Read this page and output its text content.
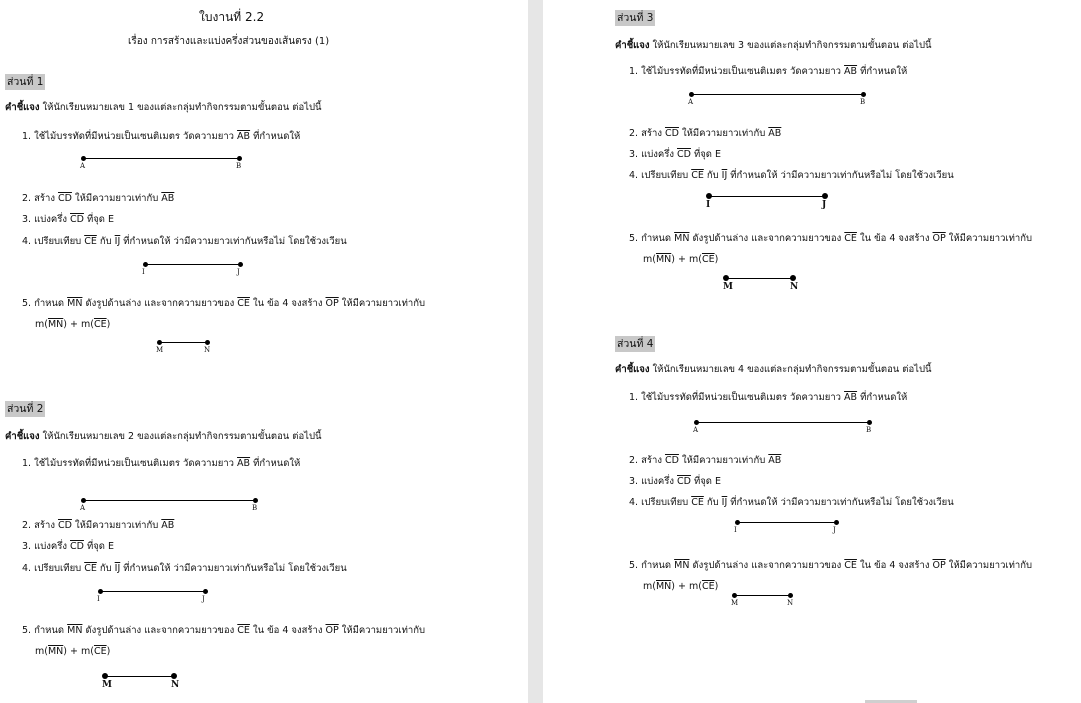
ใบงานที่ 2.2
เรื่อง การสร้างและแบ่งครึ่งส่วนของเส้นตรง (1)
ส่วนที่ 1
คำชี้แจง ให้นักเรียนหมายเลข 1 ของแต่ละกลุ่มทำกิจกรรมตามขั้นตอน ต่อไปนี้
1. ใช้ไม้บรรทัดที่มีหน่วยเป็นเซนติเมตร วัดความยาว $\overline{AB}$ ที่กำหนดให้
A	B
2. สร้าง $\overline{CD}$ ให้มีความยาวเท่ากับ $\overline{AB}$
3. แบ่งครึ่ง $\overline{CD}$ ที่จุด E
4. เปรียบเทียบ $\overline{CE}$ กับ $\overline{IJ}$ ที่กำหนดให้ ว่ามีความยาวเท่ากันหรือไม่ โดยใช้วงเวียน
I	J
5. กำหนด $\overline{MN}$ ดังรูปด้านล่าง และจากความยาวของ $\overline{CE}$ ใน ข้อ 4 จงสร้าง $\overline{OP}$ ให้มีความยาวเท่ากับ
$m(\overline{MN}) + m(\overline{CE})$
M	N
ส่วนที่ 2
คำชี้แจง ให้นักเรียนหมายเลข 2 ของแต่ละกลุ่มทำกิจกรรมตามขั้นตอน ต่อไปนี้
1. ใช้ไม้บรรทัดที่มีหน่วยเป็นเซนติเมตร วัดความยาว $\overline{AB}$ ที่กำหนดให้
A	B
2. สร้าง $\overline{CD}$ ให้มีความยาวเท่ากับ $\overline{AB}$
3. แบ่งครึ่ง $\overline{CD}$ ที่จุด E
4. เปรียบเทียบ $\overline{CE}$ กับ $\overline{IJ}$ ที่กำหนดให้ ว่ามีความยาวเท่ากันหรือไม่ โดยใช้วงเวียน
I	J
5. กำหนด $\overline{MN}$ ดังรูปด้านล่าง และจากความยาวของ $\overline{CE}$ ใน ข้อ 4 จงสร้าง $\overline{OP}$ ให้มีความยาวเท่ากับ
$m(\overline{MN}) + m(\overline{CE})$
M	N
ส่วนที่ 3
คำชี้แจง ให้นักเรียนหมายเลข 3 ของแต่ละกลุ่มทำกิจกรรมตามขั้นตอน ต่อไปนี้
1. ใช้ไม้บรรทัดที่มีหน่วยเป็นเซนติเมตร วัดความยาว $\overline{AB}$ ที่กำหนดให้
A	B
2. สร้าง $\overline{CD}$ ให้มีความยาวเท่ากับ $\overline{AB}$
3. แบ่งครึ่ง $\overline{CD}$ ที่จุด E
4. เปรียบเทียบ $\overline{CE}$ กับ $\overline{IJ}$ ที่กำหนดให้ ว่ามีความยาวเท่ากันหรือไม่ โดยใช้วงเวียน
I	J
5. กำหนด $\overline{MN}$ ดังรูปด้านล่าง และจากความยาวของ $\overline{CE}$ ใน ข้อ 4 จงสร้าง $\overline{OP}$ ให้มีความยาวเท่ากับ
$m(\overline{MN}) + m(\overline{CE})$
M	N
ส่วนที่ 4
คำชี้แจง ให้นักเรียนหมายเลข 4 ของแต่ละกลุ่มทำกิจกรรมตามขั้นตอน ต่อไปนี้
1. ใช้ไม้บรรทัดที่มีหน่วยเป็นเซนติเมตร วัดความยาว $\overline{AB}$ ที่กำหนดให้
A	B
2. สร้าง $\overline{CD}$ ให้มีความยาวเท่ากับ $\overline{AB}$
3. แบ่งครึ่ง $\overline{CD}$ ที่จุด E
4. เปรียบเทียบ $\overline{CE}$ กับ $\overline{IJ}$ ที่กำหนดให้ ว่ามีความยาวเท่ากันหรือไม่ โดยใช้วงเวียน
I	J
5. กำหนด $\overline{MN}$ ดังรูปด้านล่าง และจากความยาวของ $\overline{CE}$ ใน ข้อ 4 จงสร้าง $\overline{OP}$ ให้มีความยาวเท่ากับ
$m(\overline{MN}) + m(\overline{CE})$
M	N
